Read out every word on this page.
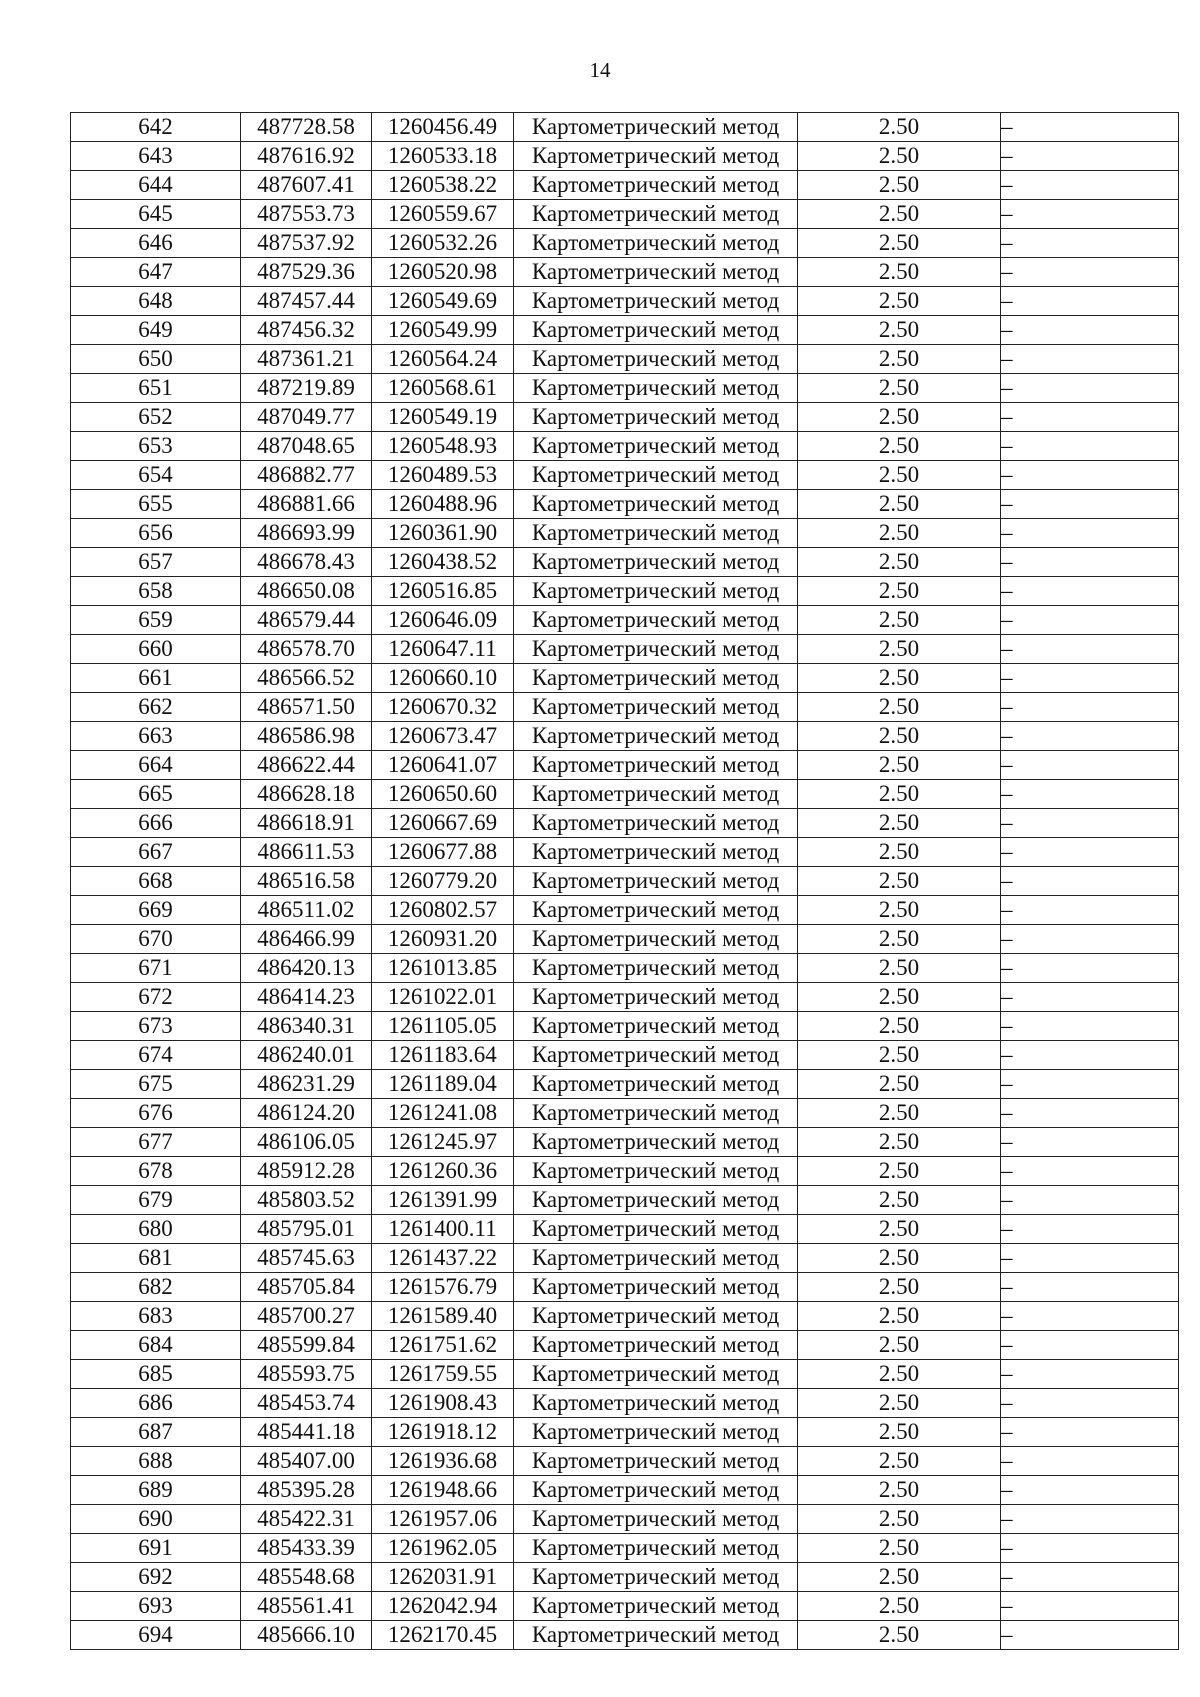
14
642	487728.58	1260456.49	Картометрический метод	2.50	–
643	487616.92	1260533.18	Картометрический метод	2.50	–
644	487607.41	1260538.22	Картометрический метод	2.50	–
645	487553.73	1260559.67	Картометрический метод	2.50	–
646	487537.92	1260532.26	Картометрический метод	2.50	–
647	487529.36	1260520.98	Картометрический метод	2.50	–
648	487457.44	1260549.69	Картометрический метод	2.50	–
649	487456.32	1260549.99	Картометрический метод	2.50	–
650	487361.21	1260564.24	Картометрический метод	2.50	–
651	487219.89	1260568.61	Картометрический метод	2.50	–
652	487049.77	1260549.19	Картометрический метод	2.50	–
653	487048.65	1260548.93	Картометрический метод	2.50	–
654	486882.77	1260489.53	Картометрический метод	2.50	–
655	486881.66	1260488.96	Картометрический метод	2.50	–
656	486693.99	1260361.90	Картометрический метод	2.50	–
657	486678.43	1260438.52	Картометрический метод	2.50	–
658	486650.08	1260516.85	Картометрический метод	2.50	–
659	486579.44	1260646.09	Картометрический метод	2.50	–
660	486578.70	1260647.11	Картометрический метод	2.50	–
661	486566.52	1260660.10	Картометрический метод	2.50	–
662	486571.50	1260670.32	Картометрический метод	2.50	–
663	486586.98	1260673.47	Картометрический метод	2.50	–
664	486622.44	1260641.07	Картометрический метод	2.50	–
665	486628.18	1260650.60	Картометрический метод	2.50	–
666	486618.91	1260667.69	Картометрический метод	2.50	–
667	486611.53	1260677.88	Картометрический метод	2.50	–
668	486516.58	1260779.20	Картометрический метод	2.50	–
669	486511.02	1260802.57	Картометрический метод	2.50	–
670	486466.99	1260931.20	Картометрический метод	2.50	–
671	486420.13	1261013.85	Картометрический метод	2.50	–
672	486414.23	1261022.01	Картометрический метод	2.50	–
673	486340.31	1261105.05	Картометрический метод	2.50	–
674	486240.01	1261183.64	Картометрический метод	2.50	–
675	486231.29	1261189.04	Картометрический метод	2.50	–
676	486124.20	1261241.08	Картометрический метод	2.50	–
677	486106.05	1261245.97	Картометрический метод	2.50	–
678	485912.28	1261260.36	Картометрический метод	2.50	–
679	485803.52	1261391.99	Картометрический метод	2.50	–
680	485795.01	1261400.11	Картометрический метод	2.50	–
681	485745.63	1261437.22	Картометрический метод	2.50	–
682	485705.84	1261576.79	Картометрический метод	2.50	–
683	485700.27	1261589.40	Картометрический метод	2.50	–
684	485599.84	1261751.62	Картометрический метод	2.50	–
685	485593.75	1261759.55	Картометрический метод	2.50	–
686	485453.74	1261908.43	Картометрический метод	2.50	–
687	485441.18	1261918.12	Картометрический метод	2.50	–
688	485407.00	1261936.68	Картометрический метод	2.50	–
689	485395.28	1261948.66	Картометрический метод	2.50	–
690	485422.31	1261957.06	Картометрический метод	2.50	–
691	485433.39	1261962.05	Картометрический метод	2.50	–
692	485548.68	1262031.91	Картометрический метод	2.50	–
693	485561.41	1262042.94	Картометрический метод	2.50	–
694	485666.10	1262170.45	Картометрический метод	2.50	–
